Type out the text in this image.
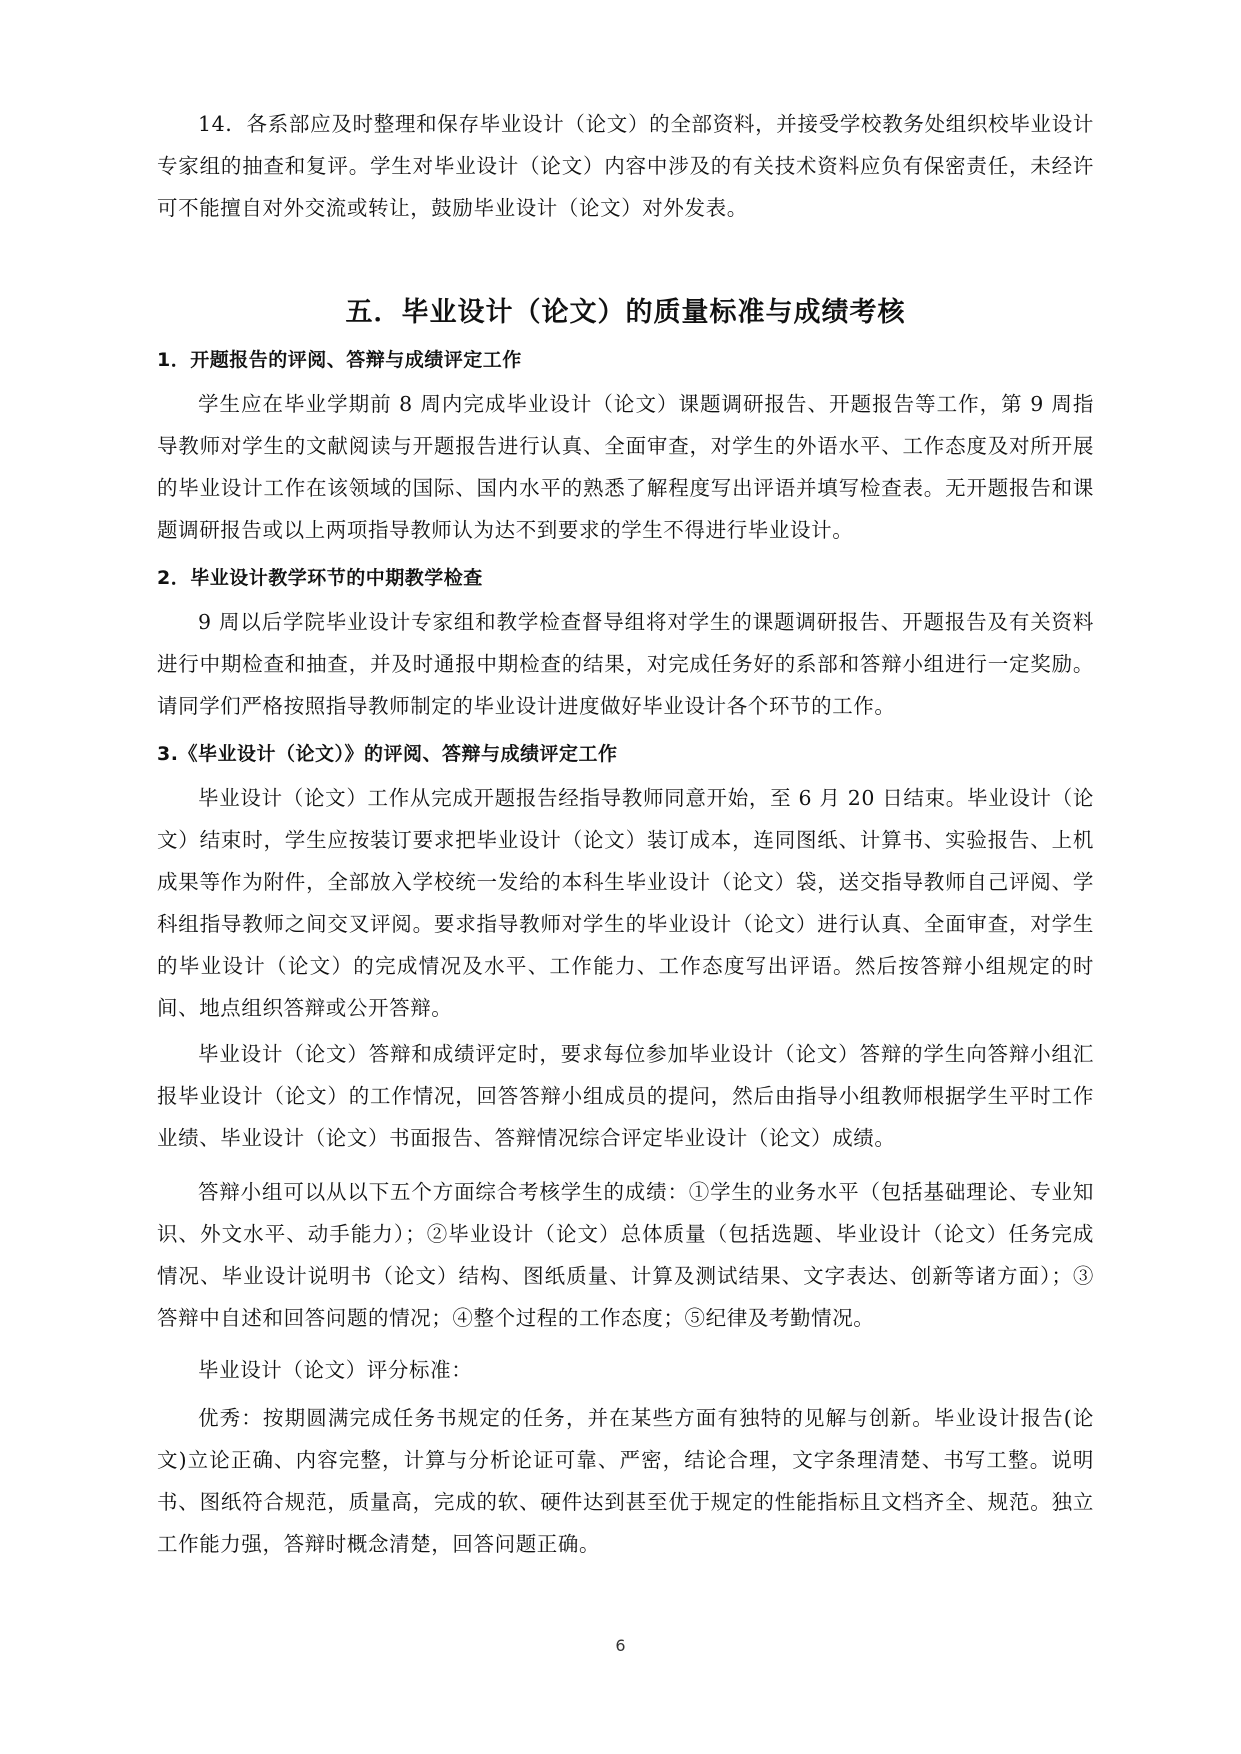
14．各系部应及时整理和保存毕业设计（论文）的全部资料，并接受学校教务处组织校毕业设计专家组的抽查和复评。学生对毕业设计（论文）内容中涉及的有关技术资料应负有保密责任，未经许可不能擅自对外交流或转让，鼓励毕业设计（论文）对外发表。

五．毕业设计（论文）的质量标准与成绩考核
1．开题报告的评阅、答辩与成绩评定工作

学生应在毕业学期前 8 周内完成毕业设计（论文）课题调研报告、开题报告等工作，第 9 周指导教师对学生的文献阅读与开题报告进行认真、全面审查，对学生的外语水平、工作态度及对所开展的毕业设计工作在该领域的国际、国内水平的熟悉了解程度写出评语并填写检查表。无开题报告和课题调研报告或以上两项指导教师认为达不到要求的学生不得进行毕业设计。

2．毕业设计教学环节的中期教学检查

9 周以后学院毕业设计专家组和教学检查督导组将对学生的课题调研报告、开题报告及有关资料进行中期检查和抽查，并及时通报中期检查的结果，对完成任务好的系部和答辩小组进行一定奖励。请同学们严格按照指导教师制定的毕业设计进度做好毕业设计各个环节的工作。

3.《毕业设计（论文）》的评阅、答辩与成绩评定工作

毕业设计（论文）工作从完成开题报告经指导教师同意开始，至 6 月 20 日结束。毕业设计（论文）结束时，学生应按装订要求把毕业设计（论文）装订成本，连同图纸、计算书、实验报告、上机成果等作为附件，全部放入学校统一发给的本科生毕业设计（论文）袋，送交指导教师自己评阅、学科组指导教师之间交叉评阅。要求指导教师对学生的毕业设计（论文）进行认真、全面审查，对学生的毕业设计（论文）的完成情况及水平、工作能力、工作态度写出评语。然后按答辩小组规定的时间、地点组织答辩或公开答辩。

毕业设计（论文）答辩和成绩评定时，要求每位参加毕业设计（论文）答辩的学生向答辩小组汇报毕业设计（论文）的工作情况，回答答辩小组成员的提问，然后由指导小组教师根据学生平时工作业绩、毕业设计（论文）书面报告、答辩情况综合评定毕业设计（论文）成绩。

答辩小组可以从以下五个方面综合考核学生的成绩：①学生的业务水平（包括基础理论、专业知识、外文水平、动手能力）；②毕业设计（论文）总体质量（包括选题、毕业设计（论文）任务完成情况、毕业设计说明书（论文）结构、图纸质量、计算及测试结果、文字表达、创新等诸方面）；③答辩中自述和回答问题的情况；④整个过程的工作态度；⑤纪律及考勤情况。

毕业设计（论文）评分标准：

优秀：按期圆满完成任务书规定的任务，并在某些方面有独特的见解与创新。毕业设计报告(论文)立论正确、内容完整，计算与分析论证可靠、严密，结论合理，文字条理清楚、书写工整。说明书、图纸符合规范，质量高，完成的软、硬件达到甚至优于规定的性能指标且文档齐全、规范。独立工作能力强，答辩时概念清楚，回答问题正确。

6
